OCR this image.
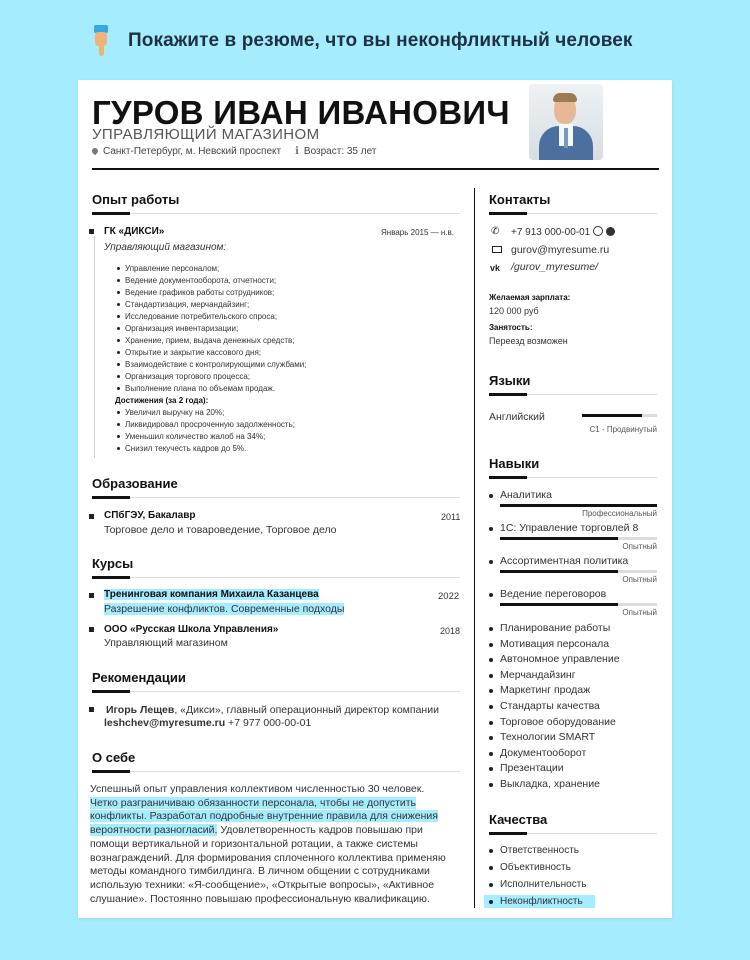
Покажите в резюме, что вы неконфликтный человек
ГУРОВ ИВАН ИВАНОВИЧ
УПРАВЛЯЮЩИЙ МАГАЗИНОМ
Санкт-Петербург, м. Невский проспект i Возраст: 35 лет
Опыт работы
ГК «ДИКСИ»	Январь 2015 — н.в.
Управляющий магазином:
Управление персоналом;
Ведение документооборота, отчетности;
Ведение графиков работы сотрудников;
Стандартизация, мерчандайзинг;
Исследование потребительского спроса;
Организация инвентаризации;
Хранение, прием, выдача денежных средств;
Открытие и закрытие кассового дня;
Взаимодействие с контролирующими службами;
Организация торгового процесса;
Выполнение плана по объемам продаж.
Достижения (за 2 года):
Увеличил выручку на 20%;
Ликвидировал просроченную задолженность;
Уменьшил количество жалоб на 34%;
Снизил текучесть кадров до 5%.
Образование
СПбГЭУ, Бакалавр	2011
Торговое дело и товароведение, Торговое дело
Курсы
Тренинговая компания Михаила Казанцева	2022
Разрешение конфликтов. Современные подходы
ООО «Русская Школа Управления»	2018
Управляющий магазином
Рекомендации
Игорь Лещев, «Дикси», главный операционный директор компании
leshchev@myresume.ru +7 977 000-00-01
О себе
Успешный опыт управления коллективом численностью 30 человек.
Четко разграничиваю обязанности персонала, чтобы не допустить
конфликты. Разработал подробные внутренние правила для снижения
вероятности разногласий. Удовлетворенность кадров повышаю при
помощи вертикальной и горизонтальной ротации, а также системы
вознаграждений. Для формирования сплоченного коллектива применяю
методы командного тимбилдинга. В личном общении с сотрудниками
использую техники: «Я-сообщение», «Открытые вопросы», «Активное
слушание». Постоянно повышаю профессиональную квалификацию.
Контакты
✆ +7 913 000-00-01
gurov@myresume.ru
vk /gurov_myresume/
Желаемая зарплата:
120 000 руб
Занятость:
Переезд возможен
Языки
Английский
C1 - Продвинутый
Навыки
Аналитика
Профессиональный
1С: Управление торговлей 8
Опытный
Ассортиментная политика
Опытный
Ведение переговоров
Опытный
Планирование работы
Мотивация персонала
Автономное управление
Мерчандайзинг
Маркетинг продаж
Стандарты качества
Торговое оборудование
Технологии SMART
Документооборот
Презентации
Выкладка, хранение
Качества
Ответственность
Объективность
Исполнительность
Неконфликтность
